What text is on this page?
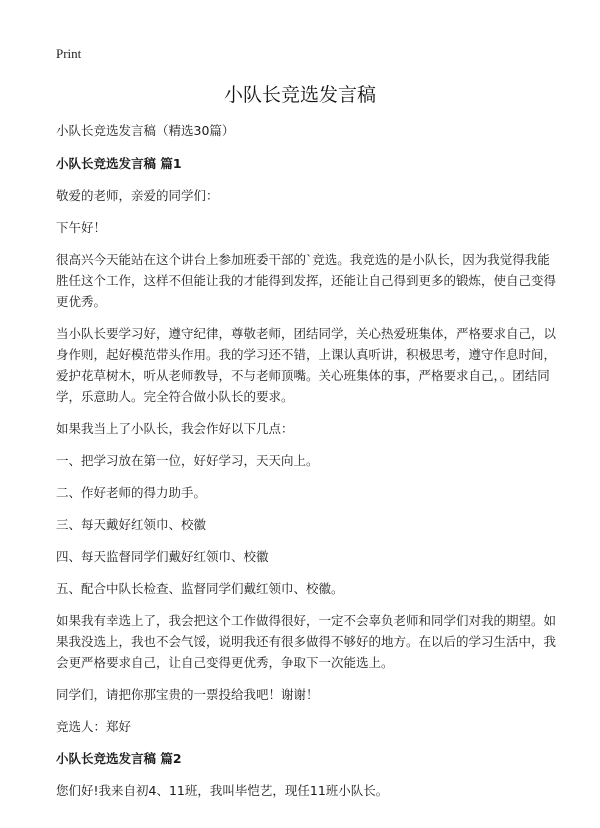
Print
小队长竞选发言稿

小队长竞选发言稿（精选30篇）

小队长竞选发言稿 篇1

敬爱的老师，亲爱的同学们：

下午好！

很高兴今天能站在这个讲台上参加班委干部的`竞选。我竞选的是小队长，因为我觉得我能胜任这个工作，这样不但能让我的才能得到发挥，还能让自己得到更多的锻炼，使自己变得更优秀。

当小队长要学习好，遵守纪律，尊敬老师，团结同学，关心热爱班集体，严格要求自己，以身作则，起好模范带头作用。我的学习还不错，上课认真听讲，积极思考，遵守作息时间，爱护花草树木，听从老师教导，不与老师顶嘴。关心班集体的事，严格要求自己，。团结同学，乐意助人。完全符合做小队长的要求。

如果我当上了小队长，我会作好以下几点：

一、把学习放在第一位，好好学习，天天向上。

二、作好老师的得力助手。

三、每天戴好红领巾、校徽

四、每天监督同学们戴好红领巾、校徽

五、配合中队长检查、监督同学们戴红领巾、校徽。

如果我有幸选上了，我会把这个工作做得很好，一定不会辜负老师和同学们对我的期望。如果我没选上，我也不会气馁，说明我还有很多做得不够好的地方。在以后的学习生活中，我会更严格要求自己，让自己变得更优秀，争取下一次能选上。

同学们，请把你那宝贵的一票投给我吧！谢谢！

竞选人：郑好

小队长竞选发言稿 篇2

您们好!我来自初4、11班，我叫毕恺艺，现任11班小队长。
